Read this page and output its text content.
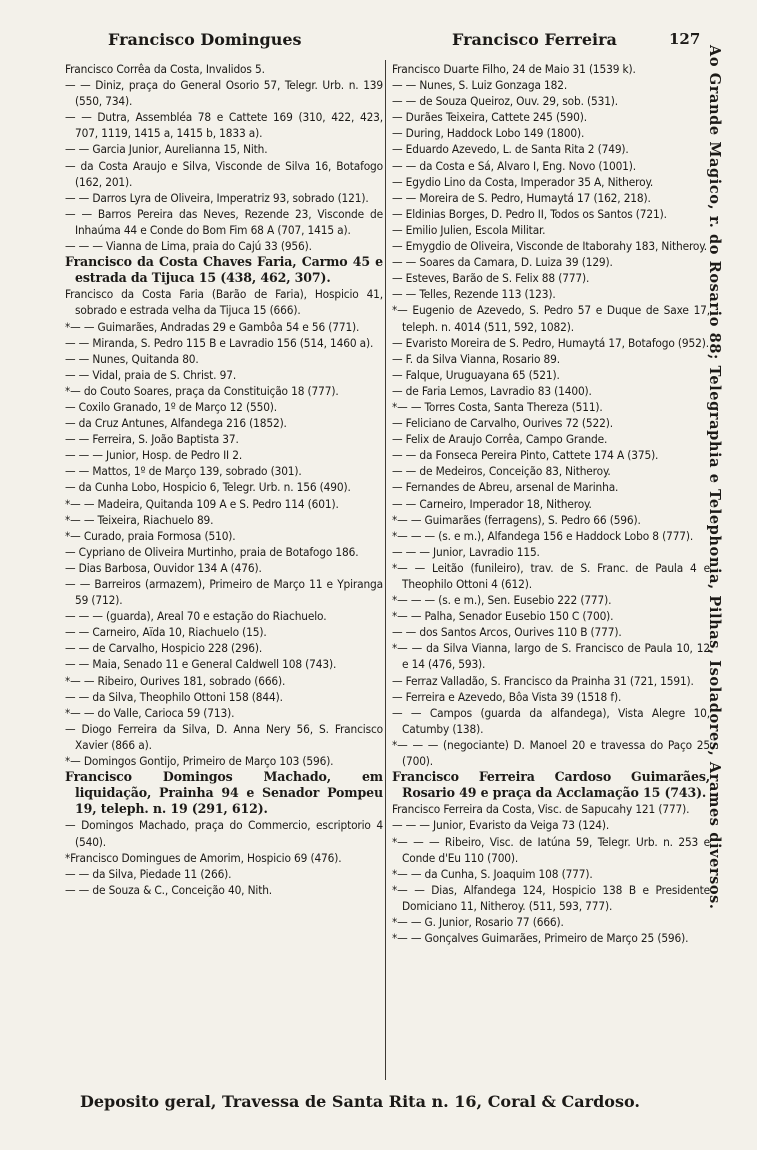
Francisco Domingues	Francisco Ferreira	127
Francisco Corrêa da Costa, Invalidos 5.
— — Diniz, praça do General Osorio 57, Telegr. Urb. n. 139 (550, 734).
— — Dutra, Assembléa 78 e Cattete 169 (310, 422, 423, 707, 1119, 1415 a, 1415 b, 1833 a).
— — Garcia Junior, Aurelianna 15, Nith.
— da Costa Araujo e Silva, Visconde de Silva 16, Botafogo (162, 201).
— — Darros Lyra de Oliveira, Imperatriz 93, sobrado (121).
— — Barros Pereira das Neves, Rezende 23, Visconde de Inhaúma 44 e Conde do Bom Fim 68 A (707, 1415 a).
— — — Vianna de Lima, praia do Cajú 33 (956).
Francisco da Costa Chaves Faria, Carmo 45 e estrada da Tijuca 15 (438, 462, 307).
Francisco da Costa Faria (Barão de Faria), Hospicio 41, sobrado e estrada velha da Tijuca 15 (666).
*— — Guimarães, Andradas 29 e Gambôa 54 e 56 (771).
— — Miranda, S. Pedro 115 B e Lavradio 156 (514, 1460 a).
— — Nunes, Quitanda 80.
— — Vidal, praia de S. Christ. 97.
*— do Couto Soares, praça da Constituição 18 (777).
— Coxilo Granado, 1º de Março 12 (550).
— da Cruz Antunes, Alfandega 216 (1852).
— — Ferreira, S. João Baptista 37.
— — — Junior, Hosp. de Pedro II 2.
— — Mattos, 1º de Março 139, sobrado (301).
— da Cunha Lobo, Hospicio 6, Telegr. Urb. n. 156 (490).
*— — Madeira, Quitanda 109 A e S. Pedro 114 (601).
*— — Teixeira, Riachuelo 89.
*— Curado, praia Formosa (510).
— Cypriano de Oliveira Murtinho, praia de Botafogo 186.
— Dias Barbosa, Ouvidor 134 A (476).
— — Barreiros (armazem), Primeiro de Março 11 e Ypiranga 59 (712).
— — — (guarda), Areal 70 e estação do Riachuelo.
— — Carneiro, Aïda 10, Riachuelo (15).
— — de Carvalho, Hospicio 228 (296).
— — Maia, Senado 11 e General Caldwell 108 (743).
*— — Ribeiro, Ourives 181, sobrado (666).
— — da Silva, Theophilo Ottoni 158 (844).
*— — do Valle, Carioca 59 (713).
— Diogo Ferreira da Silva, D. Anna Nery 56, S. Francisco Xavier (866 a).
*— Domingos Gontijo, Primeiro de Março 103 (596).
Francisco Domingos Machado, em liquidação, Prainha 94 e Senador Pompeu 19, teleph. n. 19 (291, 612).
— Domingos Machado, praça do Commercio, escriptorio 4 (540).
*Francisco Domingues de Amorim, Hospicio 69 (476).
— — da Silva, Piedade 11 (266).
— — de Souza & C., Conceição 40, Nith.
Francisco Duarte Filho, 24 de Maio 31 (1539 k).
— — Nunes, S. Luiz Gonzaga 182.
— — de Souza Queiroz, Ouv. 29, sob. (531).
— Durães Teixeira, Cattete 245 (590).
— During, Haddock Lobo 149 (1800).
— Eduardo Azevedo, L. de Santa Rita 2 (749).
— — da Costa e Sá, Alvaro I, Eng. Novo (1001).
— Egydio Lino da Costa, Imperador 35 A, Nitheroy.
— — Moreira de S. Pedro, Humaytá 17 (162, 218).
— Eldinias Borges, D. Pedro II, Todos os Santos (721).
— Emilio Julien, Escola Militar.
— Emygdio de Oliveira, Visconde de Itaborahy 183, Nitheroy.
— — Soares da Camara, D. Luiza 39 (129).
— Esteves, Barão de S. Felix 88 (777).
— — Telles, Rezende 113 (123).
*— Eugenio de Azevedo, S. Pedro 57 e Duque de Saxe 17, teleph. n. 4014 (511, 592, 1082).
— Evaristo Moreira de S. Pedro, Humaytá 17, Botafogo (952).
— F. da Silva Vianna, Rosario 89.
— Falque, Uruguayana 65 (521).
— de Faria Lemos, Lavradio 83 (1400).
*— — Torres Costa, Santa Thereza (511).
— Feliciano de Carvalho, Ourives 72 (522).
— Felix de Araujo Corrêa, Campo Grande.
— — da Fonseca Pereira Pinto, Cattete 174 A (375).
— — de Medeiros, Conceição 83, Nitheroy.
— Fernandes de Abreu, arsenal de Marinha.
— — Carneiro, Imperador 18, Nitheroy.
*— — Guimarães (ferragens), S. Pedro 66 (596).
*— — — (s. e m.), Alfandega 156 e Haddock Lobo 8 (777).
— — — Junior, Lavradio 115.
*— — Leitão (funileiro), trav. de S. Franc. de Paula 4 e Theophilo Ottoni 4 (612).
*— — — (s. e m.), Sen. Eusebio 222 (777).
*— — Palha, Senador Eusebio 150 C (700).
— — dos Santos Arcos, Ourives 110 B (777).
*— — da Silva Vianna, largo de S. Francisco de Paula 10, 12 e 14 (476, 593).
— Ferraz Valladão, S. Francisco da Prainha 31 (721, 1591).
— Ferreira e Azevedo, Bôa Vista 39 (1518 f).
— — Campos (guarda da alfandega), Vista Alegre 10, Catumby (138).
*— — — (negociante) D. Manoel 20 e travessa do Paço 25 (700).
Francisco Ferreira Cardoso Guimarães, Rosario 49 e praça da Acclamação 15 (743).
Francisco Ferreira da Costa, Visc. de Sapucahy 121 (777).
— — — Junior, Evaristo da Veiga 73 (124).
*— — — Ribeiro, Visc. de Iatúna 59, Telegr. Urb. n. 253 e Conde d'Eu 110 (700).
*— — da Cunha, S. Joaquim 108 (777).
*— — Dias, Alfandega 124, Hospicio 138 B e Presidente Domiciano 11, Nitheroy. (511, 593, 777).
*— — G. Junior, Rosario 77 (666).
*— — Gonçalves Guimarães, Primeiro de Março 25 (596).
Ao Grande Magico, r. do Rosario 88; Telegraphia e Telephonia, Pilhas, Isoladores, Arames diversos.
Deposito geral, Travessa de Santa Rita n. 16, Coral & Cardoso.
